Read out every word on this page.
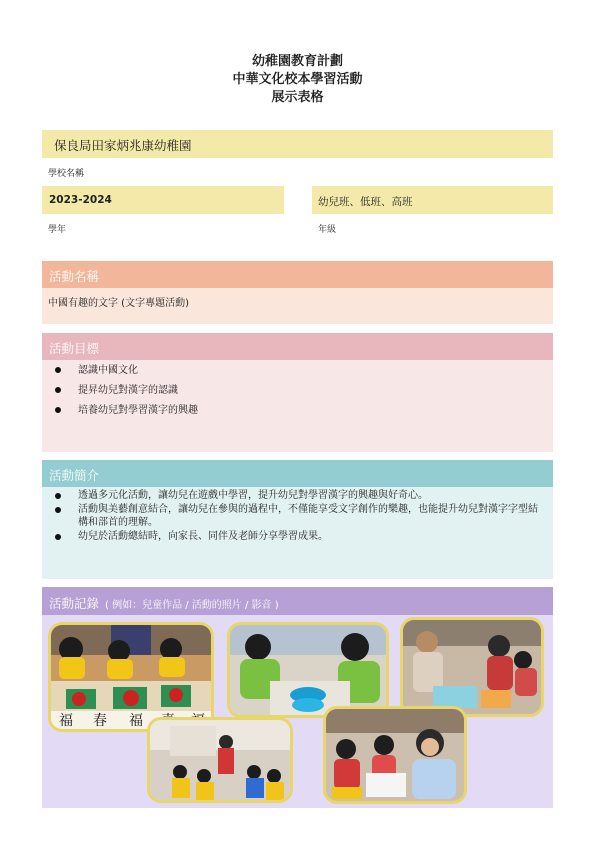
幼稚園教育計劃
中華文化校本學習活動
展示表格
保良局田家炳兆康幼稚園
學校名稱
2023-2024	幼兒班、低班、高班
學年	年級
活動名稱
中國有趣的文字 (文字專題活動)
活動目標
認識中國文化
提昇幼兒對漢字的認識
培養幼兒對學習漢字的興趣
活動簡介
透過多元化活動，讓幼兒在遊戲中學習，提升幼兒對學習漢字的興趣與好奇心。
活動與美藝創意結合，讓幼兒在參與的過程中，不僅能享受文字創作的樂趣，也能提升幼兒對漢字字型結構和部首的理解。
幼兒於活動總結時，向家長、同伴及老師分享學習成果。
活動記錄 ( 例如：兒童作品 / 活動的照片 / 影音 )
福 春 福
